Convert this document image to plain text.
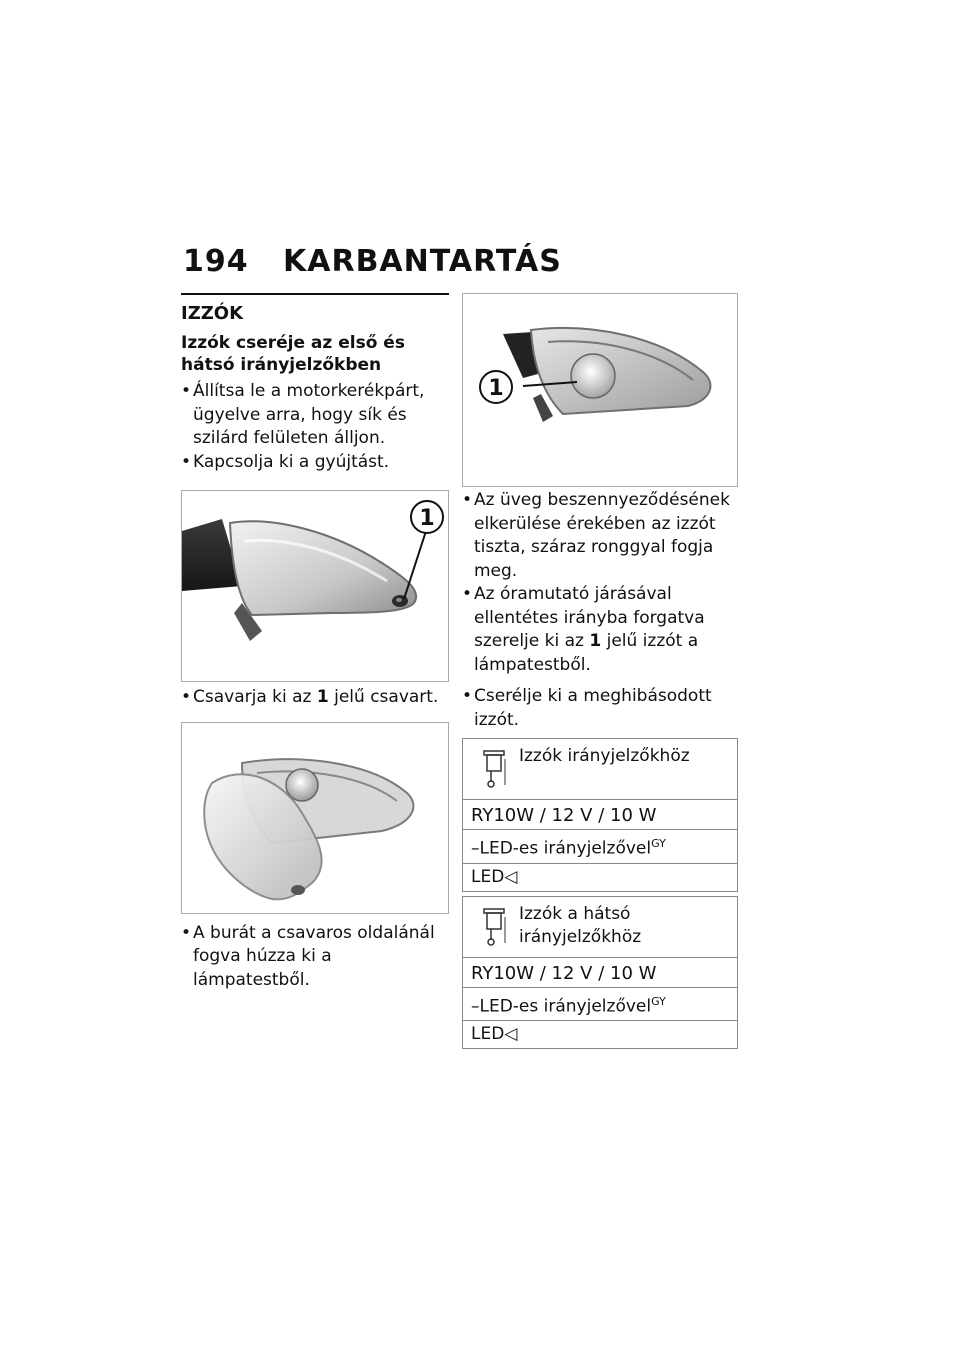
194 KARBANTARTÁS
IZZÓK
Izzók cseréje az első és hátsó irányjelzőkben
• Állítsa le a motorkerékpárt, ügyelve arra, hogy sík és szilárd felületen álljon.
• Kapcsolja ki a gyújtást.
1
• Csavarja ki az 1 jelű csavart.
• A burát a csavaros oldalánál fogva húzza ki a lámpatestből.
1
• Az üveg beszennyeződésének elkerülése érekében az izzót tiszta, száraz ronggyal fogja meg.
• Az óramutató járásával ellentétes irányba forgatva szerelje ki az 1 jelű izzót a lámpatestből.
• Cserélje ki a meghibásodott izzót.
Izzók irányjelzőkhöz
RY10W / 12 V / 10 W
–LED-es irányjelzővel$^{GY}$
LED◁
Izzók a hátsó irányjelzőkhöz
RY10W / 12 V / 10 W
–LED-es irányjelzővel$^{GY}$
LED◁
